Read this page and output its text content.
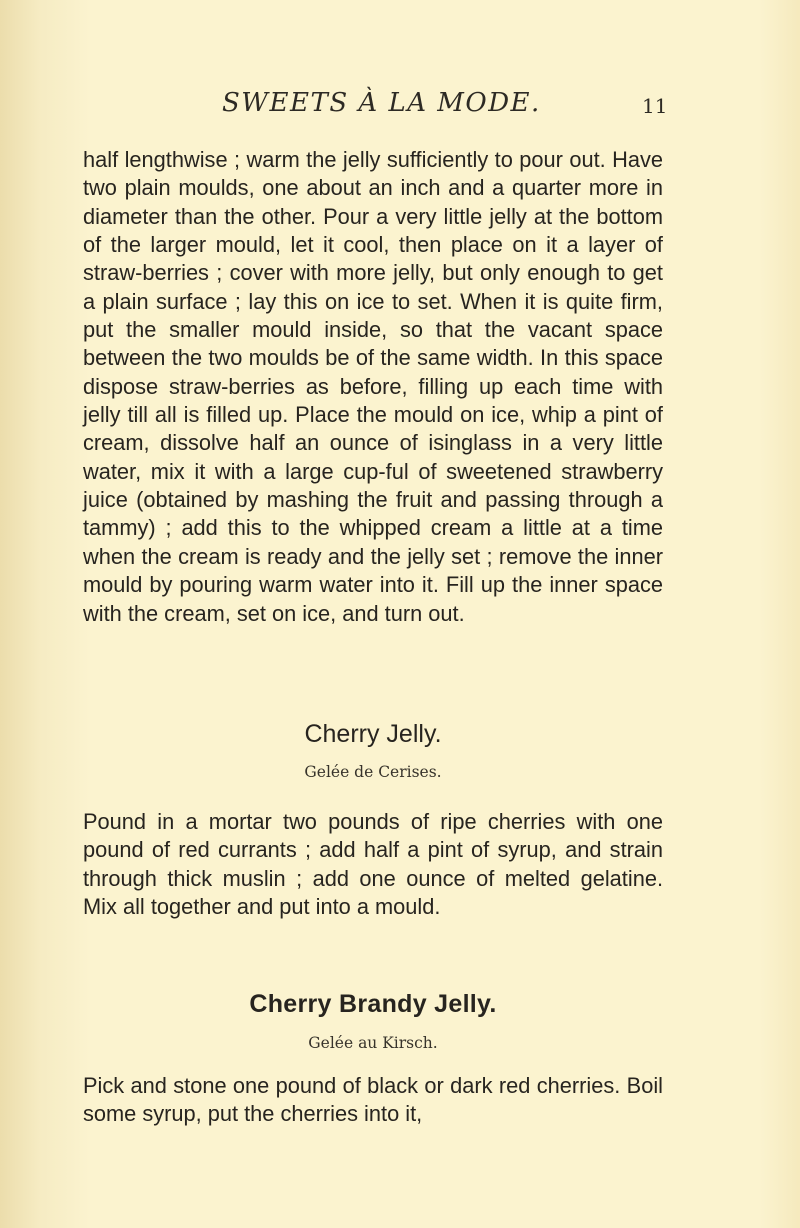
SWEETS À LA MODE.	11
half lengthwise ; warm the jelly sufficiently to pour out. Have two plain moulds, one about an inch and a quarter more in diameter than the other. Pour a very little jelly at the bottom of the larger mould, let it cool, then place on it a layer of straw-berries ; cover with more jelly, but only enough to get a plain surface ; lay this on ice to set. When it is quite firm, put the smaller mould inside, so that the vacant space between the two moulds be of the same width. In this space dispose straw-berries as before, filling up each time with jelly till all is filled up. Place the mould on ice, whip a pint of cream, dissolve half an ounce of isinglass in a very little water, mix it with a large cup-ful of sweetened strawberry juice (obtained by mashing the fruit and passing through a tammy) ; add this to the whipped cream a little at a time when the cream is ready and the jelly set ; remove the inner mould by pouring warm water into it. Fill up the inner space with the cream, set on ice, and turn out.
Cherry Jelly.
Gelée de Cerises.
Pound in a mortar two pounds of ripe cherries with one pound of red currants ; add half a pint of syrup, and strain through thick muslin ; add one ounce of melted gelatine. Mix all together and put into a mould.
Cherry Brandy Jelly.
Gelée au Kirsch.
Pick and stone one pound of black or dark red cherries. Boil some syrup, put the cherries into it,
